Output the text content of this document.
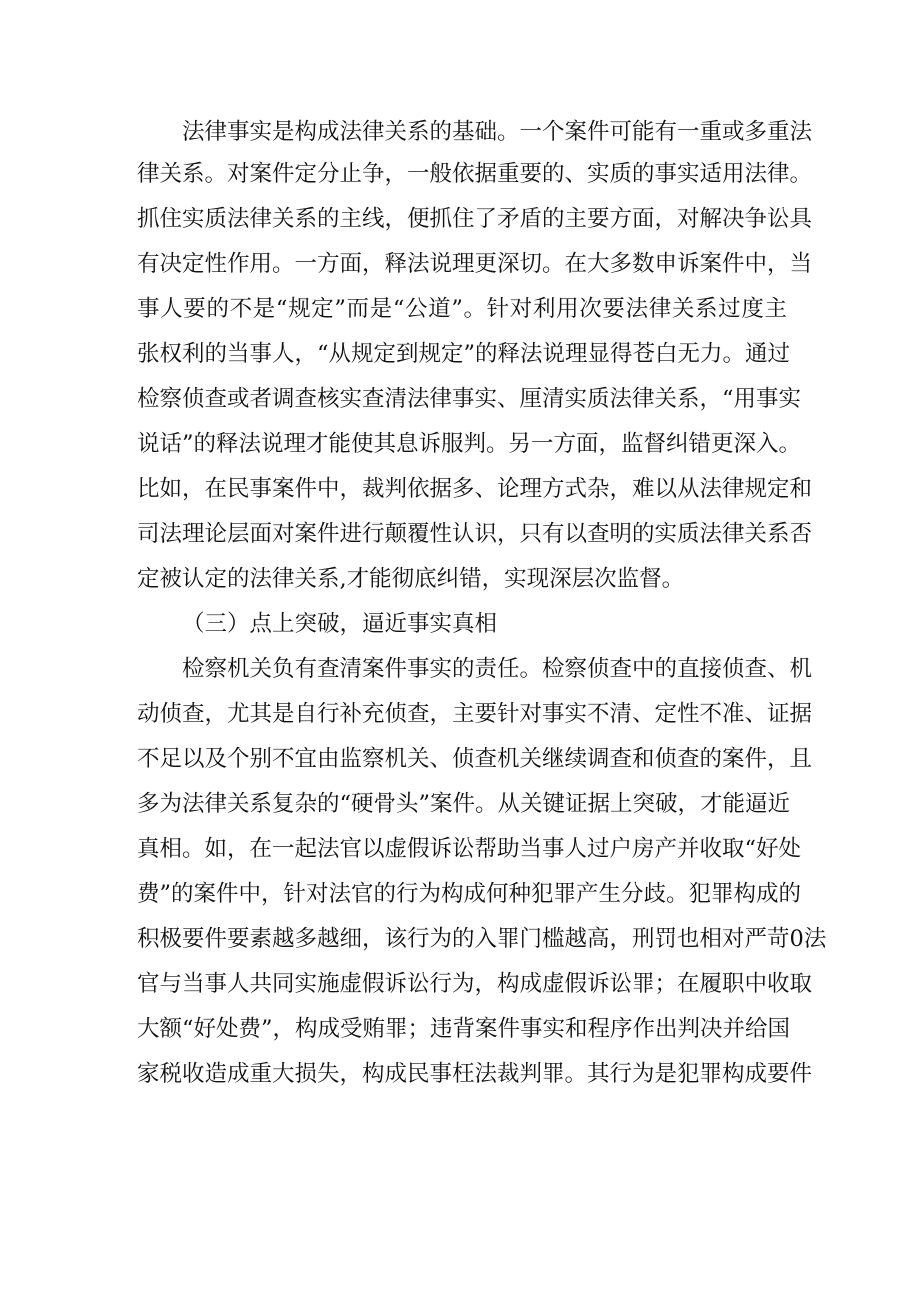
法律事实是构成法律关系的基础。一个案件可能有一重或多重法
律关系。对案件定分止争，一般依据重要的、实质的事实适用法律。
抓住实质法律关系的主线，便抓住了矛盾的主要方面，对解决争讼具
有决定性作用。一方面，释法说理更深切。在大多数申诉案件中，当
事人要的不是“规定”而是“公道”。针对利用次要法律关系过度主
张权利的当事人，“从规定到规定”的释法说理显得苍白无力。通过
检察侦查或者调查核实查清法律事实、厘清实质法律关系，“用事实
说话”的释法说理才能使其息诉服判。另一方面，监督纠错更深入。
比如，在民事案件中，裁判依据多、论理方式杂，难以从法律规定和
司法理论层面对案件进行颠覆性认识，只有以查明的实质法律关系否
定被认定的法律关系,才能彻底纠错，实现深层次监督。
（三）点上突破，逼近事实真相
检察机关负有查清案件事实的责任。检察侦查中的直接侦查、机
动侦查，尤其是自行补充侦查，主要针对事实不清、定性不准、证据
不足以及个别不宜由监察机关、侦查机关继续调查和侦查的案件，且
多为法律关系复杂的“硬骨头”案件。从关键证据上突破，才能逼近
真相。如，在一起法官以虚假诉讼帮助当事人过户房产并收取“好处
费”的案件中，针对法官的行为构成何种犯罪产生分歧。犯罪构成的
积极要件要素越多越细，该行为的入罪门槛越高，刑罚也相对严苛0法
官与当事人共同实施虚假诉讼行为，构成虚假诉讼罪；在履职中收取
大额“好处费”，构成受贿罪；违背案件事实和程序作出判决并给国
家税收造成重大损失，构成民事枉法裁判罪。其行为是犯罪构成要件
